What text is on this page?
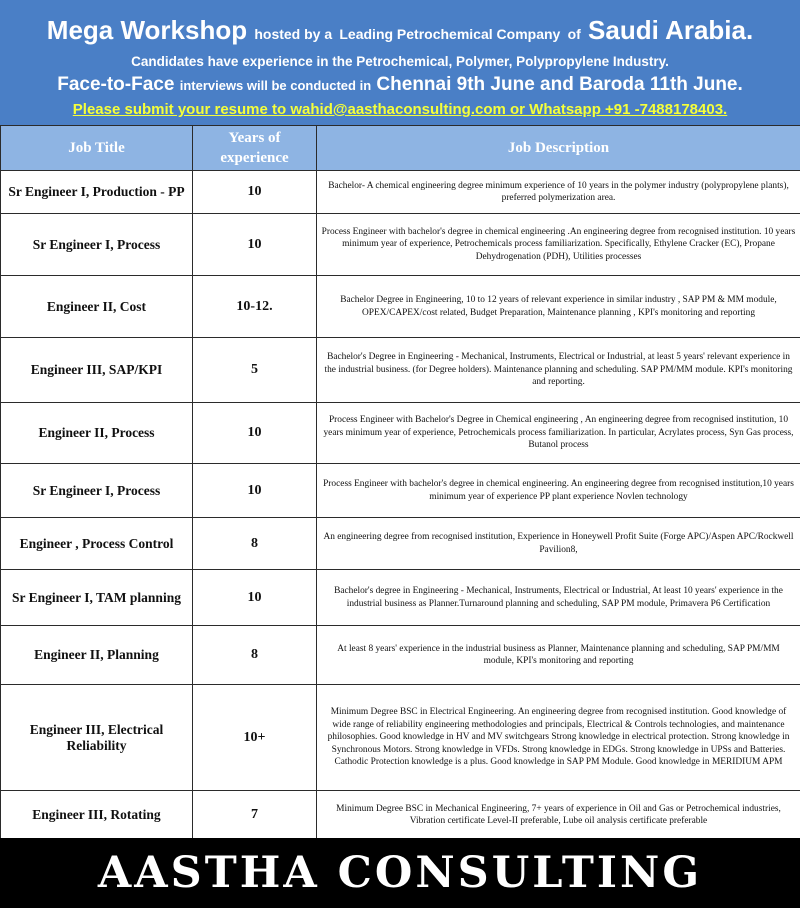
Mega Workshop hosted by a Leading Petrochemical Company of Saudi Arabia.
Candidates have experience in the Petrochemical, Polymer, Polypropylene Industry.
Face-to-Face interviews will be conducted in Chennai 9th June and Baroda 11th June.
Please submit your resume to wahid@aasthaconsulting.com or Whatsapp +91 -7488178403.
Job Title	Years of experience	Job Description
Sr Engineer I, Production - PP	10	Bachelor- A chemical engineering degree minimum experience of 10 years in the polymer industry (polypropylene plants), preferred polymerization area.
Sr Engineer I, Process	10	Process Engineer with bachelor's degree in chemical engineering .An engineering degree from recognised institution. 10 years minimum year of experience, Petrochemicals process familiarization. Specifically, Ethylene Cracker (EC), Propane Dehydrogenation (PDH), Utilities processes
Engineer II, Cost	10-12.	Bachelor Degree in Engineering, 10 to 12 years of relevant experience in similar industry , SAP PM & MM module, OPEX/CAPEX/cost related, Budget Preparation, Maintenance planning , KPI's monitoring and reporting
Engineer III, SAP/KPI	5	Bachelor's Degree in Engineering - Mechanical, Instruments, Electrical or Industrial, at least 5 years' relevant experience in the industrial business. (for Degree holders). Maintenance planning and scheduling. SAP PM/MM module. KPI's monitoring and reporting.
Engineer II, Process	10	Process Engineer with Bachelor's Degree in Chemical engineering , An engineering degree from recognised institution, 10 years minimum year of experience, Petrochemicals process familiarization. In particular, Acrylates process, Syn Gas process, Butanol process
Sr Engineer I, Process	10	Process Engineer with bachelor's degree in chemical engineering. An engineering degree from recognised institution,10 years minimum year of experience PP plant experience Novlen technology
Engineer , Process Control	8	An engineering degree from recognised institution, Experience in Honeywell Profit Suite (Forge APC)/Aspen APC/Rockwell Pavilion8,
Sr Engineer I, TAM planning	10	Bachelor's degree in Engineering - Mechanical, Instruments, Electrical or Industrial, At least 10 years' experience in the industrial business as Planner.Turnaround planning and scheduling, SAP PM module, Primavera P6 Certification
Engineer II, Planning	8	At least 8 years' experience in the industrial business as Planner, Maintenance planning and scheduling, SAP PM/MM module, KPI's monitoring and reporting
Engineer III, Electrical Reliability	10+	Minimum Degree BSC in Electrical Engineering. An engineering degree from recognised institution. Good knowledge of wide range of reliability engineering methodologies and principals, Electrical & Controls technologies, and maintenance philosophies. Good knowledge in HV and MV switchgears Strong knowledge in electrical protection. Strong knowledge in Synchronous Motors. Strong knowledge in VFDs. Strong knowledge in EDGs. Strong knowledge in UPSs and Batteries. Cathodic Protection knowledge is a plus. Good knowledge in SAP PM Module. Good knowledge in MERIDIUM APM
Engineer III, Rotating	7	Minimum Degree BSC in Mechanical Engineering, 7+ years of experience in Oil and Gas or Petrochemical industries, Vibration certificate Level-II preferable, Lube oil analysis certificate preferable
AASTHA CONSULTING
